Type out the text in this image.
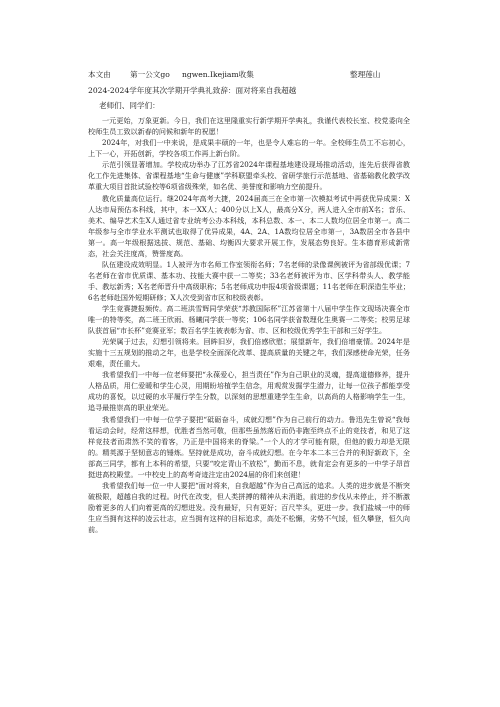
本文由	第一公文go ngwen.Ikejiam收集	整理莲山
2024-2024学年度其次学期开学典礼致辞：面对将来自我超越
老师们、同学们：

一元更始，万象更新。今日，我们在这里隆重实行新学期开学典礼，我谨代表校长室、校党委向全校师生员工致以新春的问候和新年的祝愿！

2024年，对我们一中来说，是成果丰硕的一年，也是令人难忘的一年。全校师生员工不忘初心，上下一心，开拓创新，学校各项工作再上新台阶。

示范引领显著增加。学校成功举办了江苏省2024年课程基地建设现场推动活动，连先后获得省教化工作先进集体、省课程基地“生命与健康”学科联盟牵头校、省研学旅行示范基地、省基础教化教学改革重大项目首批试验校等6项省级殊荣，如名优、美誉度和影响力空前提升。

教化质量高位运行。继2024年高考大捷，2024届高三在全市第一次模拟考试中再获优异成果：X人达市局预估本科线，其中，本一XX人；400分以上X人，最高分X分，两人进入全市前X名；音乐、美术、编导艺术生X人通过省专业统考公办本科线，本科总数、本一、本二人数均位居全市第一。高二年级参与全市学业水平测试也取得了优异成果，4A、2A、1A数均位居全市第一，3A数居全市各县中第一。高一年级根据选拔、规范、基础、均衡四大要求开展工作，发展态势良好。生本德育形成新常态，社会关注度高，赞誉度高。

队伍建设成效明显。1人被评为市名师工作室领衔名师；7名老师的录像课例被评为省部级优课；7名老师在省市优质课、基本功、技能大赛中获一二等奖；33名老师被评为市、区学科带头人、教学能手、教坛新秀；X名老师晋升中高级职称；5名老师成功申报4项省级课题；11名老师在职深造生毕业；6名老师赴国外短期研修；X人次受到省市区和校级表彰。

学生竞赛捷报频传。高二班洪雪辉同学荣获“苏教国际杯”江苏省第十八届中学生作文现场决赛全市唯一的特等奖，高二班王欣雨、杨曦同学获一等奖；106名同学获省数理化生奥赛一二等奖；校男足球队获首届“市长杯”竞赛亚军；数百名学生被表彰为省、市、区和校级优秀学生干部和三好学生。

光荣属于过去，幻想引领将来。回眸旧岁，我们倍感欣慰；展望新年，我们倍增豪情。2024年是实施十三五规划的推动之年，也是学校全面深化改革、提高质量的关键之年，我们深感使命光荣，任务艰难，责任重大。

我希望我们一中每一位老师要把“永葆爱心，担当责任”作为自己职业的灵魂，提高道德修养，提升人格品质，用仁爱暖和学生心灵，用期盼培植学生信念，用观赏发掘学生潜力，让每一位孩子都能享受成功的喜悦，以过硬的水平履行学生分数，以深刻的思想重建学生生命，以高尚的人格影响学生一生，追寻最推崇高的职业荣光。

我希望我们一中每一位学子要把“砥砺奋斗，成就幻想”作为自己前行的动力。鲁迅先生曾说“我每看运动会时，经常这样想，优胜者当然可敬，但那些虽然落后而仍非跑至终点不止的竞技者，和见了这样竞技者而肃然不笑的看客，乃正是中国将来的脊梁。”一个人的才学可能有限，但他的毅力却是无限的。精英源于坚韧意志的锤炼。坚持就是成功，奋斗成就幻想。在今年本二本三合并的利好新政下，全部高三同学，都有上本科的希望，只要“咬定青山不放松”，勤而不息，就肯定会有更多的一中学子昂首挺进高校殿堂。一中校史上的高考奇迹注定由2024届的你们来创建！

我希望我们每一位一中人要把“面对将来，自我超越”作为自己高远的追求。人类的进步就是不断突破极限，超越自我的过程。时代在改变，但人类拼搏的精神从未消逝，前进的步伐从未停止，并不断激励着更多的人们向着更高的幻想进发。没有最好，只有更好；百尺竿头，更进一步。我们盐城一中的师生应当拥有这样的凌云壮志，应当拥有这样的目标追求，高处不松懈，劣势不气馁，恒久攀登，恒久向前。
